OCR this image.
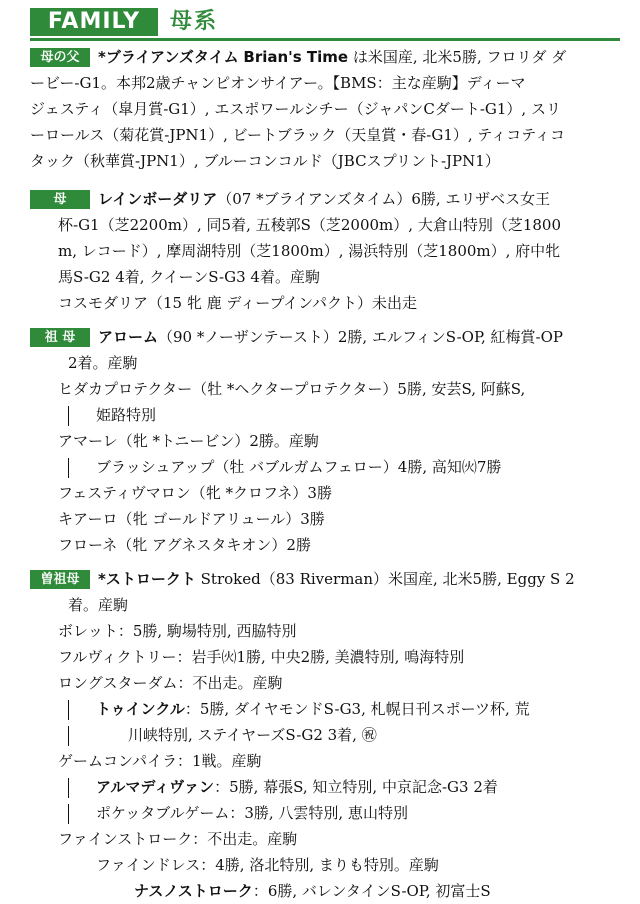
FAMILY	母系
母の父	*ブライアンズタイム Brian's Time は米国産, 北米5勝, フロリダ ダ
ービー-G1。本邦2歳チャンピオンサイアー。【BMS：主な産駒】ディーマ
ジェスティ（皐月賞-G1）, エスポワールシチー（ジャパンCダート-G1）, スリ
ーロールス（菊花賞-JPN1）, ビートブラック（天皇賞・春-G1）, ティコティコ
タック（秋華賞-JPN1）, ブルーコンコルド（JBCスプリント-JPN1）
母	レインボーダリア（07 *ブライアンズタイム）6勝, エリザベス女王
杯-G1（芝2200m）, 同5着, 五稜郭S（芝2000m）, 大倉山特別（芝1800
m, レコード）, 摩周湖特別（芝1800m）, 湯浜特別（芝1800m）, 府中牝
馬S-G2 4着, クイーンS-G3 4着。産駒
コスモダリア（15 牝 鹿 ディープインパクト）未出走
祖 母	アローム（90 *ノーザンテースト）2勝, エルフィンS-OP, 紅梅賞-OP
2着。産駒
ヒダカプロテクター（牡 *ヘクタープロテクター）5勝, 安芸S, 阿蘇S,
姫路特別
アマーレ（牝 *トニービン）2勝。産駒
ブラッシュアップ（牡 バブルガムフェロー）4勝, 高知㈫7勝
フェスティヴマロン（牝 *クロフネ）3勝
キアーロ（牝 ゴールドアリュール）3勝
フローネ（牝 アグネスタキオン）2勝
曽祖母	*ストロークト Stroked（83 Riverman）米国産, 北米5勝, Eggy S 2
着。産駒
ボレット：5勝, 駒場特別, 西脇特別
フルヴィクトリー：岩手㈫1勝, 中央2勝, 美濃特別, 鳴海特別
ロングスターダム：不出走。産駒
トゥインクル：5勝, ダイヤモンドS-G3, 札幌日刊スポーツ杯, 荒
川峡特別, ステイヤーズS-G2 3着, ㊗
ゲームコンパイラ：1戦。産駒
アルマディヴァン：5勝, 幕張S, 知立特別, 中京記念-G3 2着
ポケッタブルゲーム：3勝, 八雲特別, 恵山特別
ファインストローク：不出走。産駒
ファインドレス：4勝, 洛北特別, まりも特別。産駒
ナスノストローク：6勝, バレンタインS-OP, 初富士S
